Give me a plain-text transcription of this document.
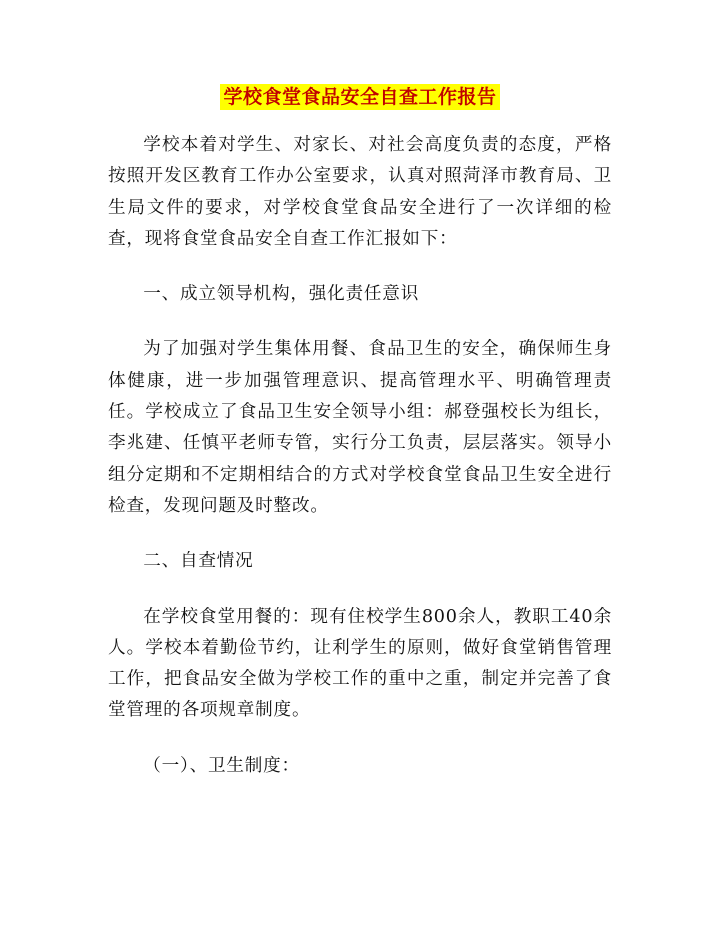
学校食堂食品安全自查工作报告

学校本着对学生、对家长、对社会高度负责的态度，严格按照开发区教育工作办公室要求，认真对照菏泽市教育局、卫生局文件的要求，对学校食堂食品安全进行了一次详细的检查，现将食堂食品安全自查工作汇报如下：

一、成立领导机构，强化责任意识

为了加强对学生集体用餐、食品卫生的安全，确保师生身体健康，进一步加强管理意识、提高管理水平、明确管理责任。学校成立了食品卫生安全领导小组：郝登强校长为组长，李兆建、任慎平老师专管，实行分工负责，层层落实。领导小组分定期和不定期相结合的方式对学校食堂食品卫生安全进行检查，发现问题及时整改。

二、自查情况

在学校食堂用餐的：现有住校学生800余人，教职工40余人。学校本着勤俭节约，让利学生的原则，做好食堂销售管理工作，把食品安全做为学校工作的重中之重，制定并完善了食堂管理的各项规章制度。

（一）、卫生制度：
